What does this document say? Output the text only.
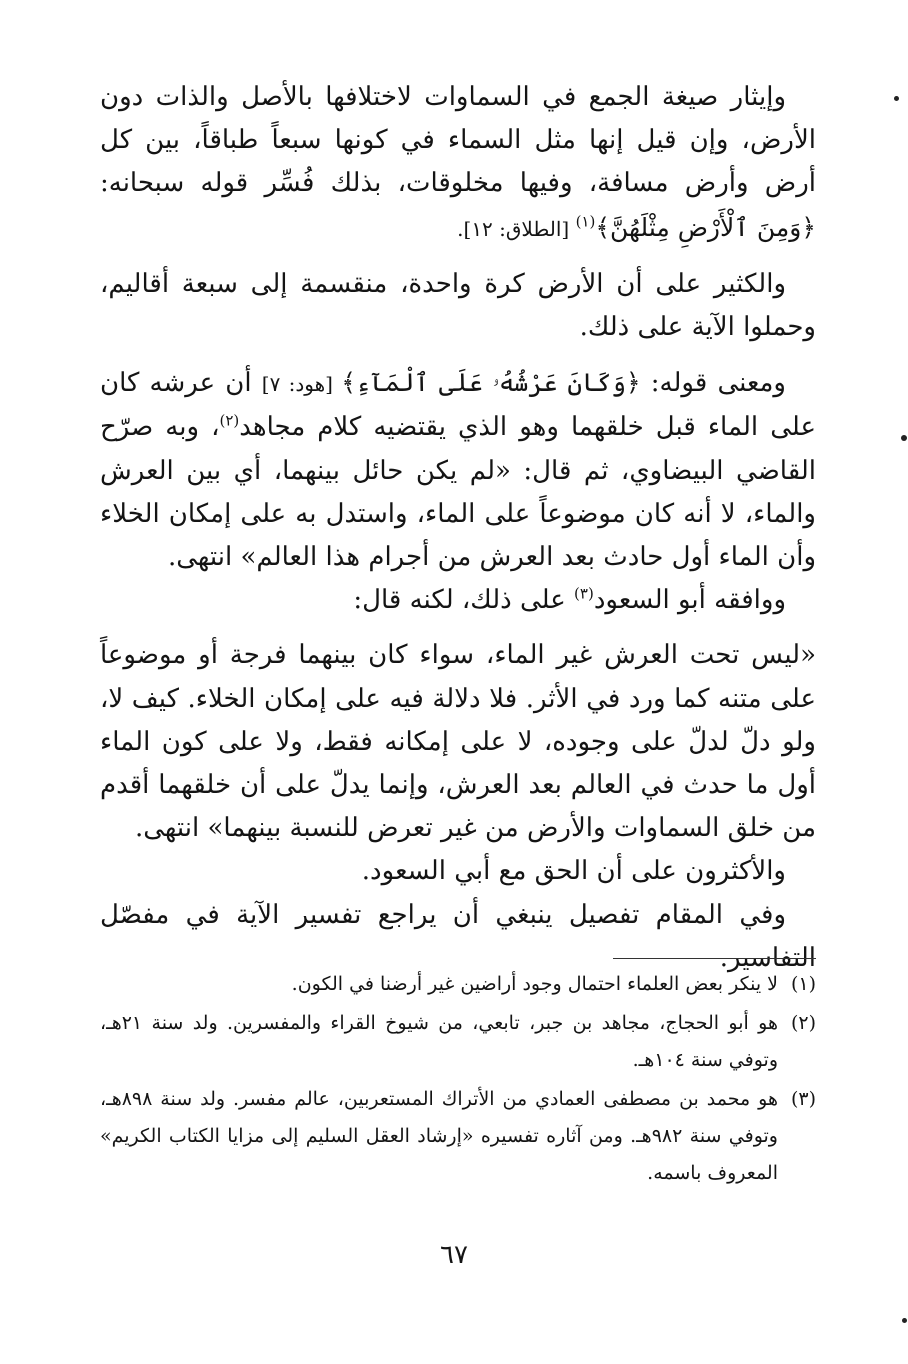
وإيثار صيغة الجمع في السماوات لاختلافها بالأصل والذات دون الأرض، وإن قيل إنها مثل السماء في كونها سبعاً طباقاً، بين كل أرض وأرض مسافة، وفيها مخلوقات، بذلك فُسِّر قوله سبحانه: ﴿وَمِنَ ٱلْأَرْضِ مِثْلَهُنَّ﴾$^{(١)}$ [الطلاق: ١٢].

والكثير على أن الأرض كرة واحدة، منقسمة إلى سبعة أقاليم، وحملوا الآية على ذلك.

ومعنى قوله: ﴿وَكَانَ عَرْشُهُۥ عَلَى ٱلْمَآءِ﴾ [هود: ٧] أن عرشه كان على الماء قبل خلقهما وهو الذي يقتضيه كلام مجاهد$^{(٢)}$، وبه صرّح القاضي البيضاوي، ثم قال: «لم يكن حائل بينهما، أي بين العرش والماء، لا أنه كان موضوعاً على الماء، واستدل به على إمكان الخلاء وأن الماء أول حادث بعد العرش من أجرام هذا العالم» انتهى.

ووافقه أبو السعود$^{(٣)}$ على ذلك، لكنه قال:

«ليس تحت العرش غير الماء، سواء كان بينهما فرجة أو موضوعاً على متنه كما ورد في الأثر. فلا دلالة فيه على إمكان الخلاء. كيف لا، ولو دلّ لدلّ على وجوده، لا على إمكانه فقط، ولا على كون الماء أول ما حدث في العالم بعد العرش، وإنما يدلّ على أن خلقهما أقدم من خلق السماوات والأرض من غير تعرض للنسبة بينهما» انتهى.

والأكثرون على أن الحق مع أبي السعود.

وفي المقام تفصيل ينبغي أن يراجع تفسير الآية في مفصّل التفاسير.

(١)
لا ينكر بعض العلماء احتمال وجود أراضين غير أرضنا في الكون.
(٢)
هو أبو الحجاج، مجاهد بن جبر، تابعي، من شيوخ القراء والمفسرين. ولد سنة ٢١هـ، وتوفي سنة ١٠٤هـ.
(٣)
هو محمد بن مصطفى العمادي من الأتراك المستعربين، عالم مفسر. ولد سنة ٨٩٨هـ، وتوفي سنة ٩٨٢هـ. ومن آثاره تفسيره «إرشاد العقل السليم إلى مزايا الكتاب الكريم» المعروف باسمه.
٦٧
